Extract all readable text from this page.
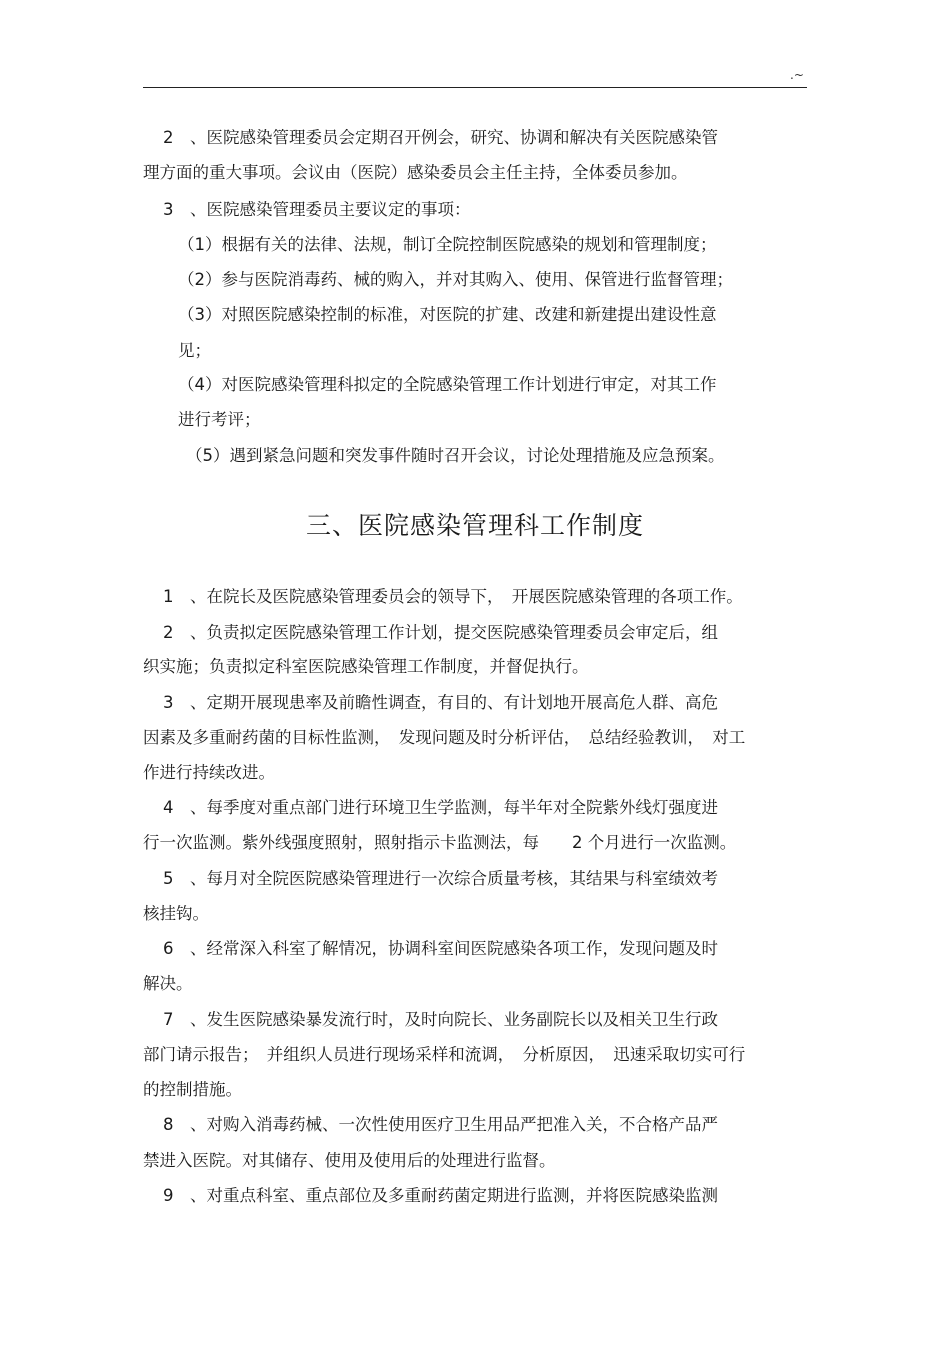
.~
2　、医院感染管理委员会定期召开例会，研究、协调和解决有关医院感染管
理方面的重大事项。会议由（医院）感染委员会主任主持，全体委员参加。
3　、医院感染管理委员主要议定的事项：
（1）根据有关的法律、法规，制订全院控制医院感染的规划和管理制度；
（2）参与医院消毒药、械的购入，并对其购入、使用、保管进行监督管理；
（3）对照医院感染控制的标准，对医院的扩建、改建和新建提出建设性意
见；
（4）对医院感染管理科拟定的全院感染管理工作计划进行审定，对其工作
进行考评；
（5）遇到紧急问题和突发事件随时召开会议，讨论处理措施及应急预案。
三、医院感染管理科工作制度
1　、在院长及医院感染管理委员会的领导下，　开展医院感染管理的各项工作。
2　、负责拟定医院感染管理工作计划，提交医院感染管理委员会审定后，组
织实施；负责拟定科室医院感染管理工作制度，并督促执行。
3　、定期开展现患率及前瞻性调查，有目的、有计划地开展高危人群、高危
因素及多重耐药菌的目标性监测，　发现问题及时分析评估，　总结经验教训，　对工
作进行持续改进。
4　、每季度对重点部门进行环境卫生学监测，每半年对全院紫外线灯强度进
行一次监测。紫外线强度照射，照射指示卡监测法，每　　2 个月进行一次监测。
5　、每月对全院医院感染管理进行一次综合质量考核，其结果与科室绩效考
核挂钩。
6　、经常深入科室了解情况，协调科室间医院感染各项工作，发现问题及时
解决。
7　、发生医院感染暴发流行时，及时向院长、业务副院长以及相关卫生行政
部门请示报告；　并组织人员进行现场采样和流调，　分析原因，　迅速采取切实可行
的控制措施。
8　、对购入消毒药械、一次性使用医疗卫生用品严把准入关，不合格产品严
禁进入医院。对其储存、使用及使用后的处理进行监督。
9　、对重点科室、重点部位及多重耐药菌定期进行监测，并将医院感染监测
